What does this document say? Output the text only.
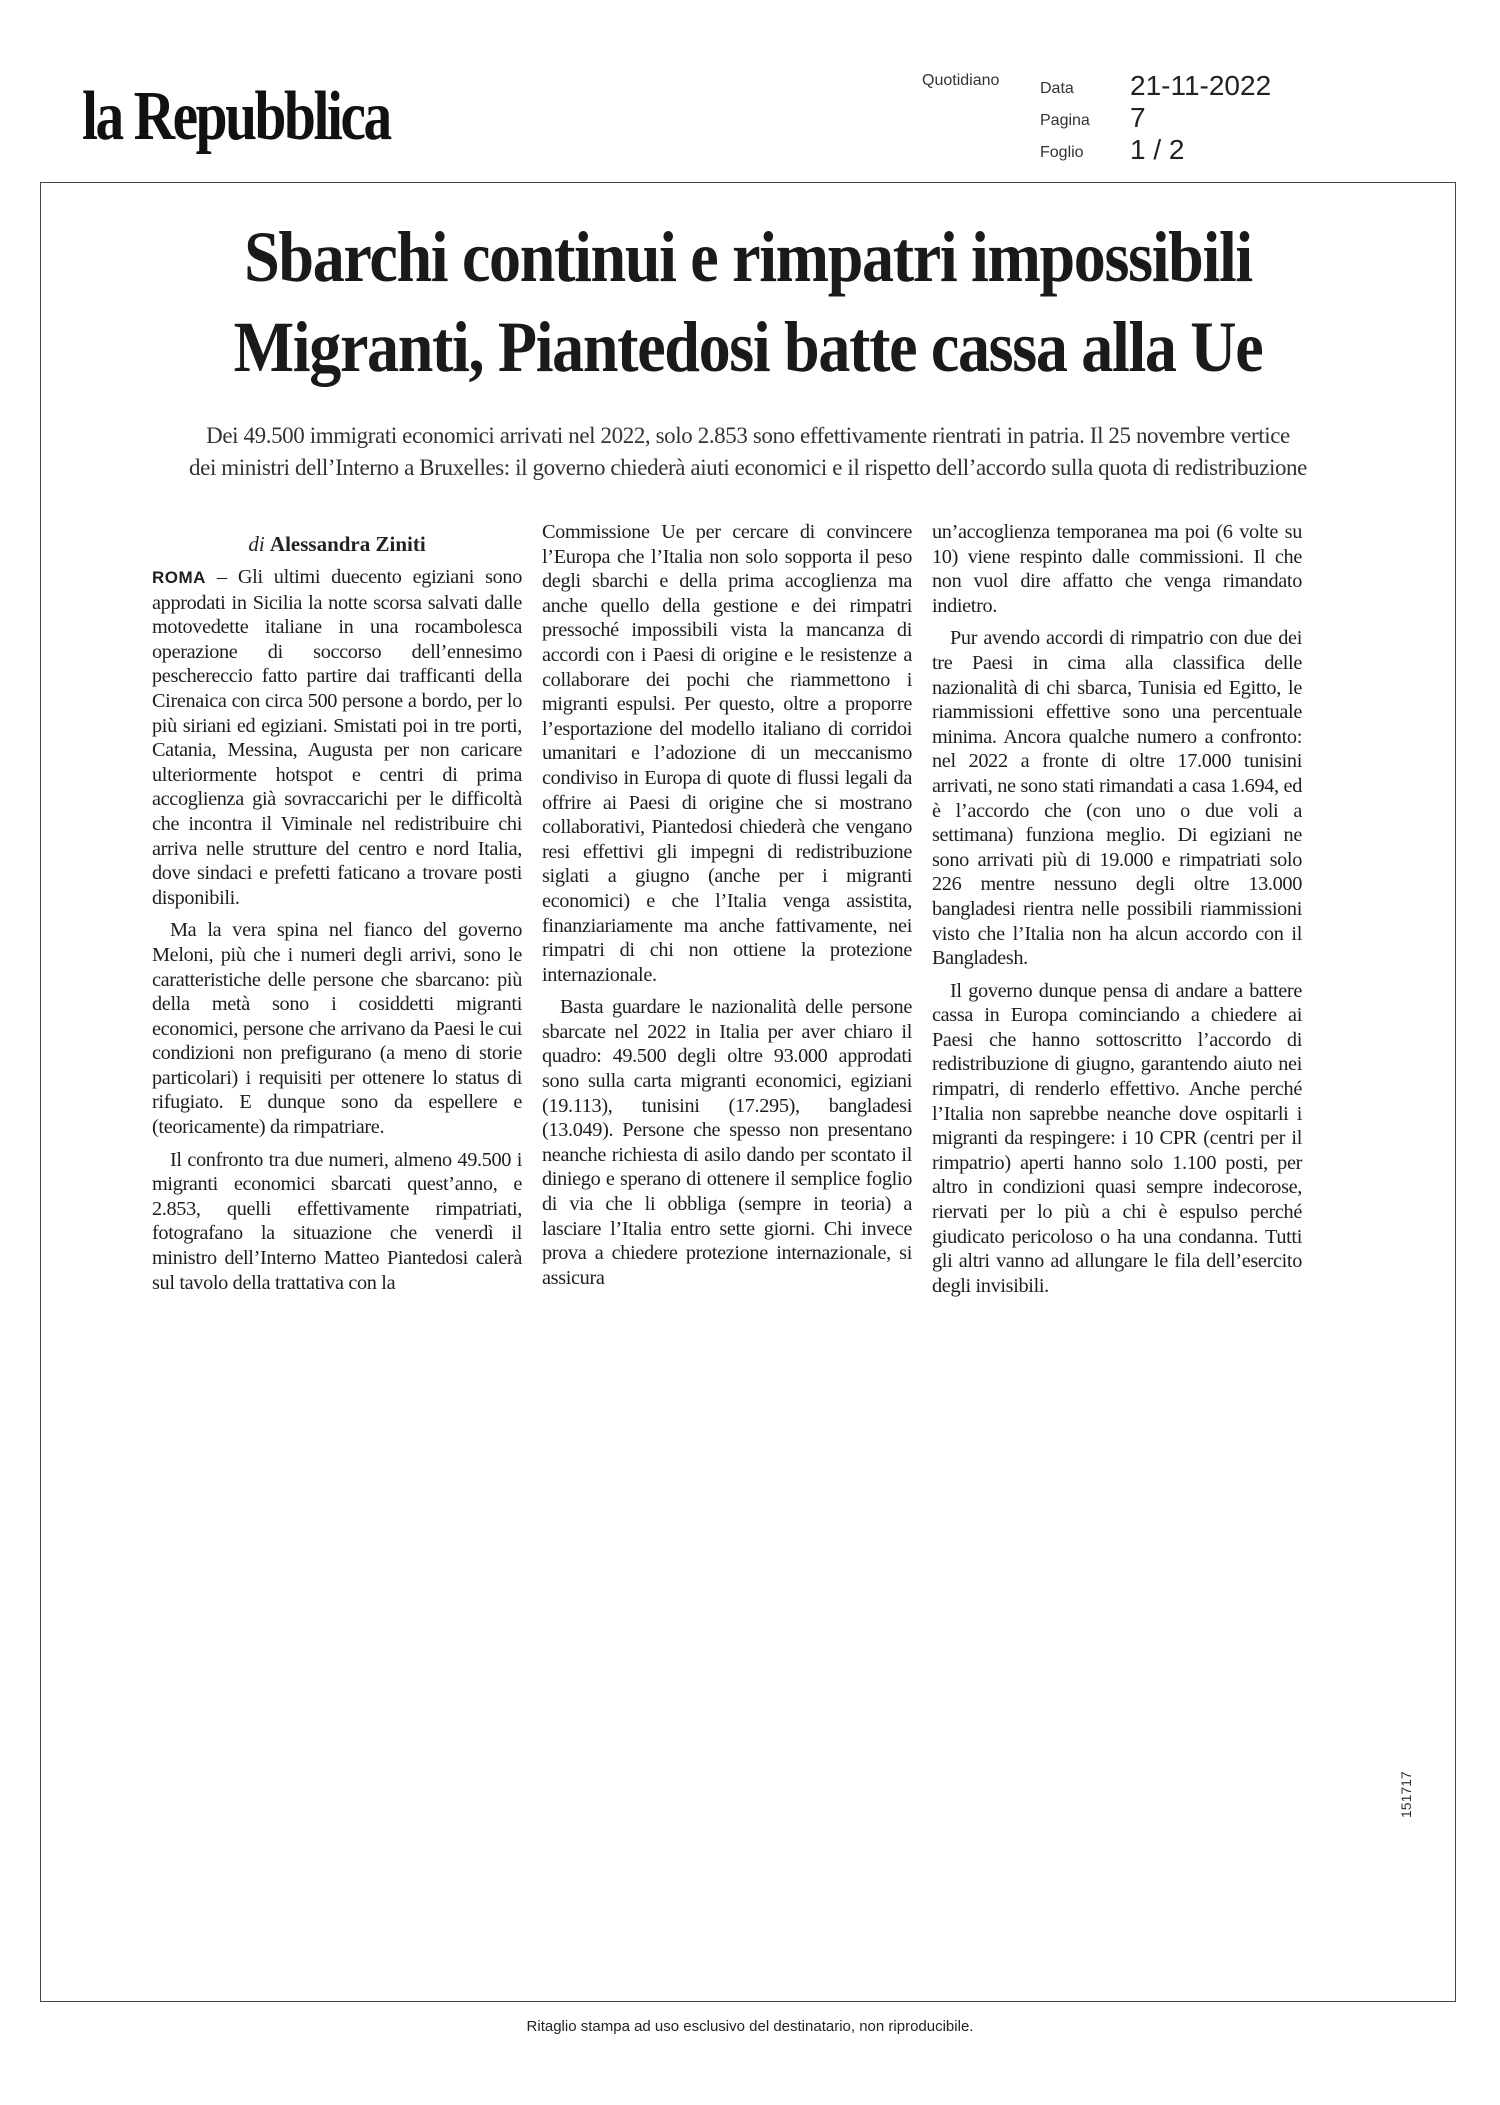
la Repubblica	Quotidiano	Data 21-11-2022
Pagina 7
Foglio 1 / 2
Sbarchi continui e rimpatri impossibili
Migranti, Piantedosi batte cassa alla Ue
Dei 49.500 immigrati economici arrivati nel 2022, solo 2.853 sono effettivamente rientrati in patria. Il 25 novembre vertice
dei ministri dell’Interno a Bruxelles: il governo chiederà aiuti economici e il rispetto dell’accordo sulla quota di redistribuzione
di Alessandra Ziniti

ROMA – Gli ultimi duecento egiziani sono approdati in Sicilia la notte scorsa salvati dalle motovedette italiane in una rocambolesca operazione di soccorso dell’ennesimo peschereccio fatto partire dai trafficanti della Cirenaica con circa 500 persone a bordo, per lo più siriani ed egiziani. Smistati poi in tre porti, Catania, Messina, Augusta per non caricare ulteriormente hotspot e centri di prima accoglienza già sovraccarichi per le difficoltà che incontra il Viminale nel redistribuire chi arriva nelle strutture del centro e nord Italia, dove sindaci e prefetti faticano a trovare posti disponibili.

Ma la vera spina nel fianco del governo Meloni, più che i numeri degli arrivi, sono le caratteristiche delle persone che sbarcano: più della metà sono i cosiddetti migranti economici, persone che arrivano da Paesi le cui condizioni non prefigurano (a meno di storie particolari) i requisiti per ottenere lo status di rifugiato. E dunque sono da espellere e (teoricamente) da rimpatriare.

Il confronto tra due numeri, almeno 49.500 i migranti economici sbarcati quest’anno, e 2.853, quelli effettivamente rimpatriati, fotografano la situazione che venerdì il ministro dell’Interno Matteo Piantedosi calerà sul tavolo della trattativa con la

Commissione Ue per cercare di convincere l’Europa che l’Italia non solo sopporta il peso degli sbarchi e della prima accoglienza ma anche quello della gestione e dei rimpatri pressoché impossibili vista la mancanza di accordi con i Paesi di origine e le resistenze a collaborare dei pochi che riammettono i migranti espulsi. Per questo, oltre a proporre l’esportazione del modello italiano di corridoi umanitari e l’adozione di un meccanismo condiviso in Europa di quote di flussi legali da offrire ai Paesi di origine che si mostrano collaborativi, Piantedosi chiederà che vengano resi effettivi gli impegni di redistribuzione siglati a giugno (anche per i migranti economici) e che l’Italia venga assistita, finanziariamente ma anche fattivamente, nei rimpatri di chi non ottiene la protezione internazionale.

Basta guardare le nazionalità delle persone sbarcate nel 2022 in Italia per aver chiaro il quadro: 49.500 degli oltre 93.000 approdati sono sulla carta migranti economici, egiziani (19.113), tunisini (17.295), bangladesi (13.049). Persone che spesso non presentano neanche richiesta di asilo dando per scontato il diniego e sperano di ottenere il semplice foglio di via che li obbliga (sempre in teoria) a lasciare l’Italia entro sette giorni. Chi invece prova a chiedere protezione internazionale, si assicura

un’accoglienza temporanea ma poi (6 volte su 10) viene respinto dalle commissioni. Il che non vuol dire affatto che venga rimandato indietro.

Pur avendo accordi di rimpatrio con due dei tre Paesi in cima alla classifica delle nazionalità di chi sbarca, Tunisia ed Egitto, le riammissioni effettive sono una percentuale minima. Ancora qualche numero a confronto: nel 2022 a fronte di oltre 17.000 tunisini arrivati, ne sono stati rimandati a casa 1.694, ed è l’accordo che (con uno o due voli a settimana) funziona meglio. Di egiziani ne sono arrivati più di 19.000 e rimpatriati solo 226 mentre nessuno degli oltre 13.000 bangladesi rientra nelle possibili riammissioni visto che l’Italia non ha alcun accordo con il Bangladesh.

Il governo dunque pensa di andare a battere cassa in Europa cominciando a chiedere ai Paesi che hanno sottoscritto l’accordo di redistribuzione di giugno, garantendo aiuto nei rimpatri, di renderlo effettivo. Anche perché l’Italia non saprebbe neanche dove ospitarli i migranti da respingere: i 10 CPR (centri per il rimpatrio) aperti hanno solo 1.100 posti, per altro in condizioni quasi sempre indecorose, riervati per lo più a chi è espulso perché giudicato pericoloso o ha una condanna. Tutti gli altri vanno ad allungare le fila dell’esercito degli invisibili.

151717
Ritaglio stampa ad uso esclusivo del destinatario, non riproducibile.
